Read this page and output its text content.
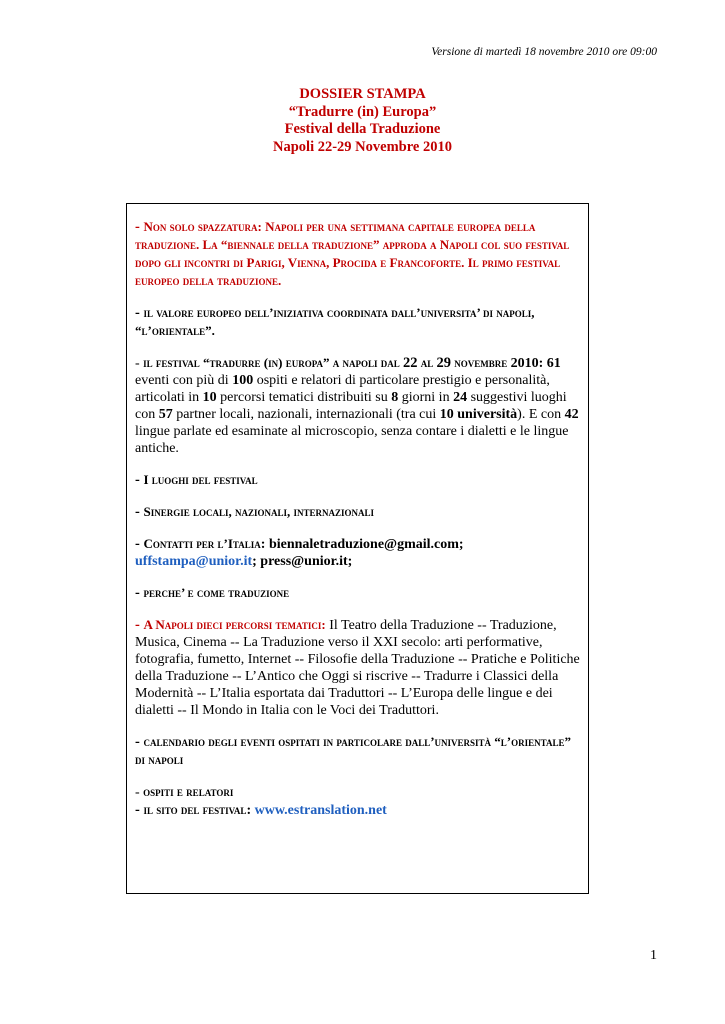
Versione di martedì 18 novembre 2010 ore 09:00
DOSSIER STAMPA
“Tradurre (in) Europa”
Festival della Traduzione
Napoli 22-29 Novembre 2010
- Non solo spazzatura: Napoli per una settimana capitale europea della traduzione. La “biennale della traduzione” approda a Napoli col suo festival dopo gli incontri di Parigi, Vienna, Procida e Francoforte. Il primo festival europeo della traduzione.
- il valore europeo dell’iniziativa coordinata dall’universita’ di napoli, “l’orientale”.
- il festival “tradurre (in) europa” a napoli dal 22 al 29 novembre 2010: 61 eventi con più di 100 ospiti e relatori di particolare prestigio e personalità, articolati in 10 percorsi tematici distribuiti su 8 giorni in 24 suggestivi luoghi con 57 partner locali, nazionali, internazionali (tra cui 10 università). E con 42 lingue parlate ed esaminate al microscopio, senza contare i dialetti e le lingue antiche.
- I luoghi del festival
- Sinergie locali, nazionali, internazionali
- Contatti per l’Italia: biennaletraduzione@gmail.com;
uffstampa@unior.it; press@unior.it;
- perche’ e come traduzione
- A Napoli dieci percorsi tematici: Il Teatro della Traduzione -- Traduzione, Musica, Cinema -- La Traduzione verso il XXI secolo: arti performative, fotografia, fumetto, Internet -- Filosofie della Traduzione -- Pratiche e Politiche della Traduzione -- L’Antico che Oggi si riscrive -- Tradurre i Classici della Modernità -- L’Italia esportata dai Traduttori -- L’Europa delle lingue e dei dialetti -- Il Mondo in Italia con le Voci dei Traduttori.
- calendario degli eventi ospitati in particolare dall’università “l’orientale” di napoli
- ospiti e relatori
- il sito del festival: www.estranslation.net
1
